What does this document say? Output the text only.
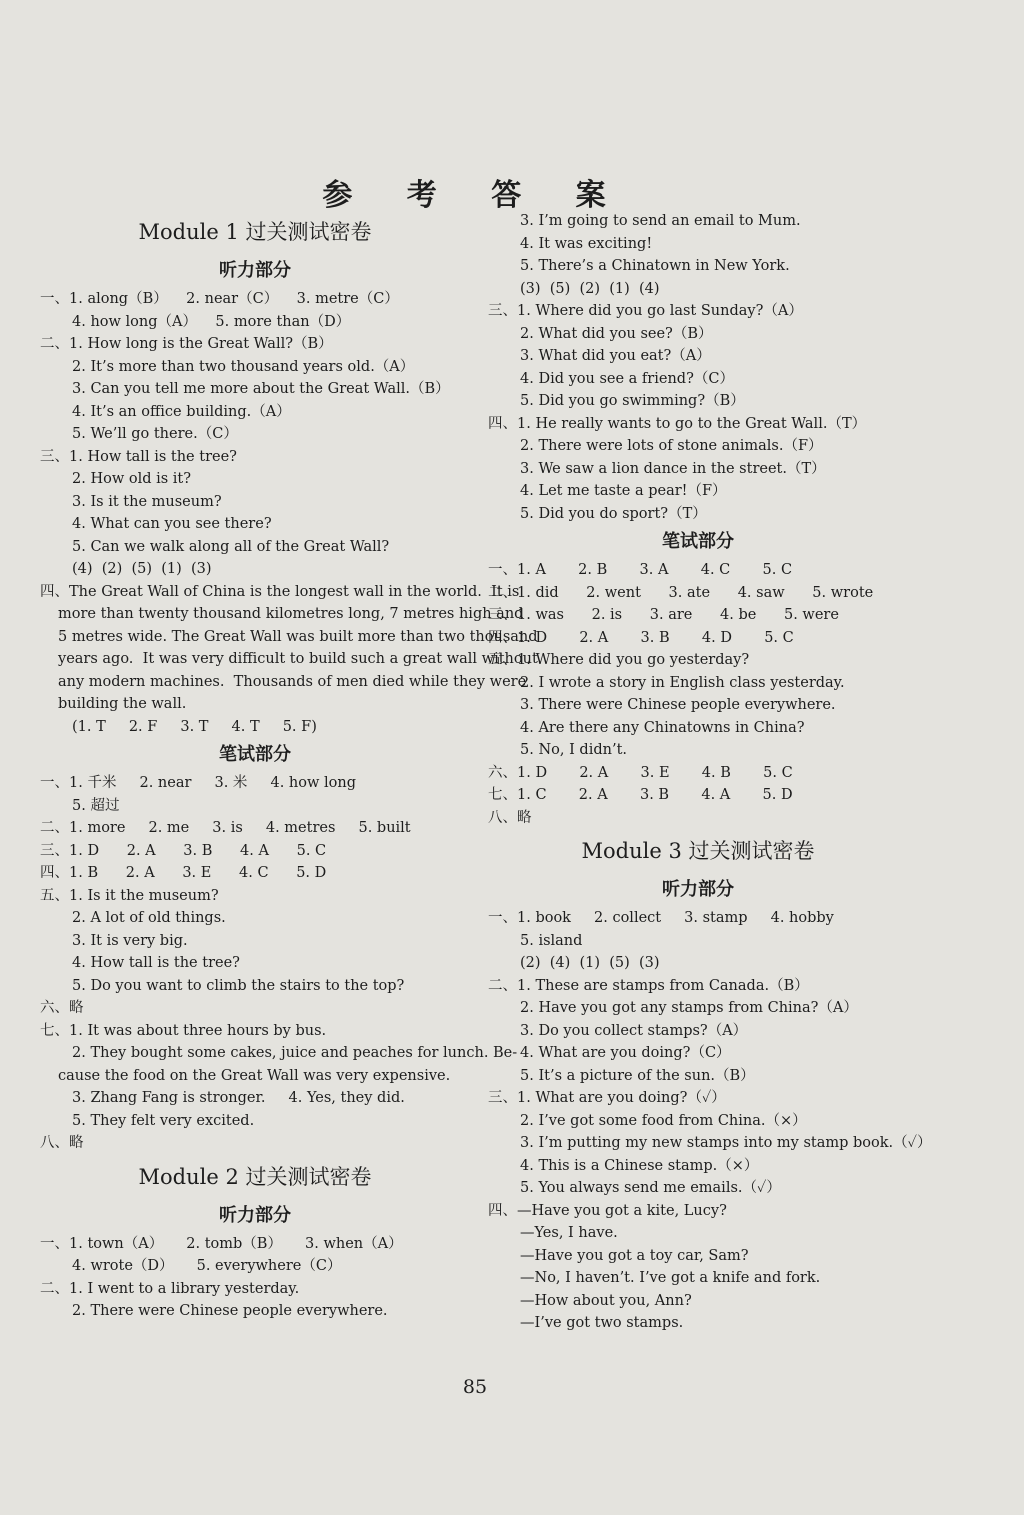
参 考 答 案
Module 1 过关测试密卷
听力部分
一、1. along（B）    2. near（C）    3. metre（C）
4. how long（A）    5. more than（D）
二、1. How long is the Great Wall?（B）
2. It’s more than two thousand years old.（A）
3. Can you tell me more about the Great Wall.（B）
4. It’s an office building.（A）
5. We’ll go there.（C）
三、1. How tall is the tree?
2. How old is it?
3. Is it the museum?
4. What can you see there?
5. Can we walk along all of the Great Wall?
(4)  (2)  (5)  (1)  (3)
四、The Great Wall of China is the longest wall in the world.  It is
more than twenty thousand kilometres long, 7 metres high and
5 metres wide. The Great Wall was built more than two thousand
years ago.  It was very difficult to build such a great wall without
any modern machines.  Thousands of men died while they were
building the wall.
(1. T     2. F     3. T     4. T     5. F)
笔试部分
一、1. 千米     2. near     3. 米     4. how long
5. 超过
二、1. more     2. me     3. is     4. metres     5. built
三、1. D      2. A      3. B      4. A      5. C
四、1. B      2. A      3. E      4. C      5. D
五、1. Is it the museum?
2. A lot of old things.
3. It is very big.
4. How tall is the tree?
5. Do you want to climb the stairs to the top?
六、略
七、1. It was about three hours by bus.
2. They bought some cakes, juice and peaches for lunch. Be-
cause the food on the Great Wall was very expensive.
3. Zhang Fang is stronger.     4. Yes, they did.
5. They felt very excited.
八、略
Module 2 过关测试密卷
听力部分
一、1. town（A）     2. tomb（B）     3. when（A）
4. wrote（D）     5. everywhere（C）
二、1. I went to a library yesterday.
2. There were Chinese people everywhere.
3. I’m going to send an email to Mum.
4. It was exciting!
5. There’s a Chinatown in New York.
(3)  (5)  (2)  (1)  (4)
三、1. Where did you go last Sunday?（A）
2. What did you see?（B）
3. What did you eat?（A）
4. Did you see a friend?（C）
5. Did you go swimming?（B）
四、1. He really wants to go to the Great Wall.（T）
2. There were lots of stone animals.（F）
3. We saw a lion dance in the street.（T）
4. Let me taste a pear!（F）
5. Did you do sport?（T）
笔试部分
一、1. A       2. B       3. A       4. C       5. C
二、1. did      2. went      3. ate      4. saw      5. wrote
三、1. was      2. is      3. are      4. be      5. were
四、1. D       2. A       3. B       4. D       5. C
五、1. Where did you go yesterday?
2. I wrote a story in English class yesterday.
3. There were Chinese people everywhere.
4. Are there any Chinatowns in China?
5. No, I didn’t.
六、1. D       2. A       3. E       4. B       5. C
七、1. C       2. A       3. B       4. A       5. D
八、略
Module 3 过关测试密卷
听力部分
一、1. book     2. collect     3. stamp     4. hobby
5. island
(2)  (4)  (1)  (5)  (3)
二、1. These are stamps from Canada.（B）
2. Have you got any stamps from China?（A）
3. Do you collect stamps?（A）
4. What are you doing?（C）
5. It’s a picture of the sun.（B）
三、1. What are you doing?（✓）
2. I’ve got some food from China.（×）
3. I’m putting my new stamps into my stamp book.（✓）
4. This is a Chinese stamp.（×）
5. You always send me emails.（✓）
四、—Have you got a kite, Lucy?
—Yes, I have.
—Have you got a toy car, Sam?
—No, I haven’t. I’ve got a knife and fork.
—How about you, Ann?
—I’ve got two stamps.
85
